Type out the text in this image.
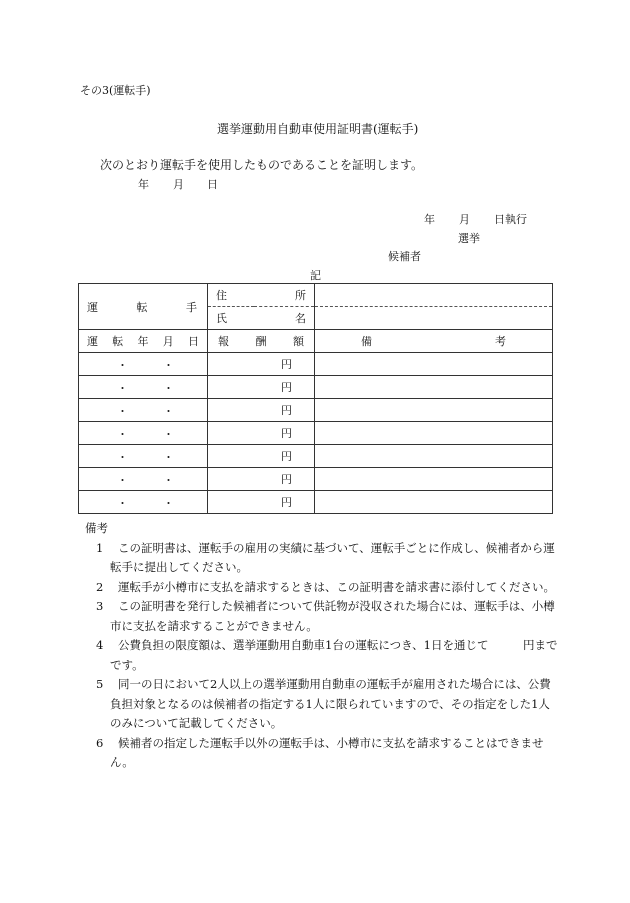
その3(運転手)
選挙運動用自動車使用証明書(運転手)
次のとおり運転手を使用したものであることを証明します。
年 月 日
年 月 日執行
選挙
候補者
記
運 転 手	住 所	

	氏 名	

運 転 年 月 日	報 酬 額	備 考

・ ・	円	

・ ・	円	

・ ・	円	

・ ・	円	

・ ・	円	

・ ・	円	

・ ・	円	
備考
1 この証明書は、運転手の雇用の実績に基づいて、運転手ごとに作成し、候補者から運転手に提出してください。
2 運転手が小樽市に支払を請求するときは、この証明書を請求書に添付してください。
3 この証明書を発行した候補者について供託物が没収された場合には、運転手は、小樽市に支払を請求することができません。
4 公費負担の限度額は、選挙運動用自動車1台の運転につき、1日を通じて　　　円までです。
5 同一の日において2人以上の選挙運動用自動車の運転手が雇用された場合には、公費負担対象となるのは候補者の指定する1人に限られていますので、その指定をした1人のみについて記載してください。
6 候補者の指定した運転手以外の運転手は、小樽市に支払を請求することはできません。
